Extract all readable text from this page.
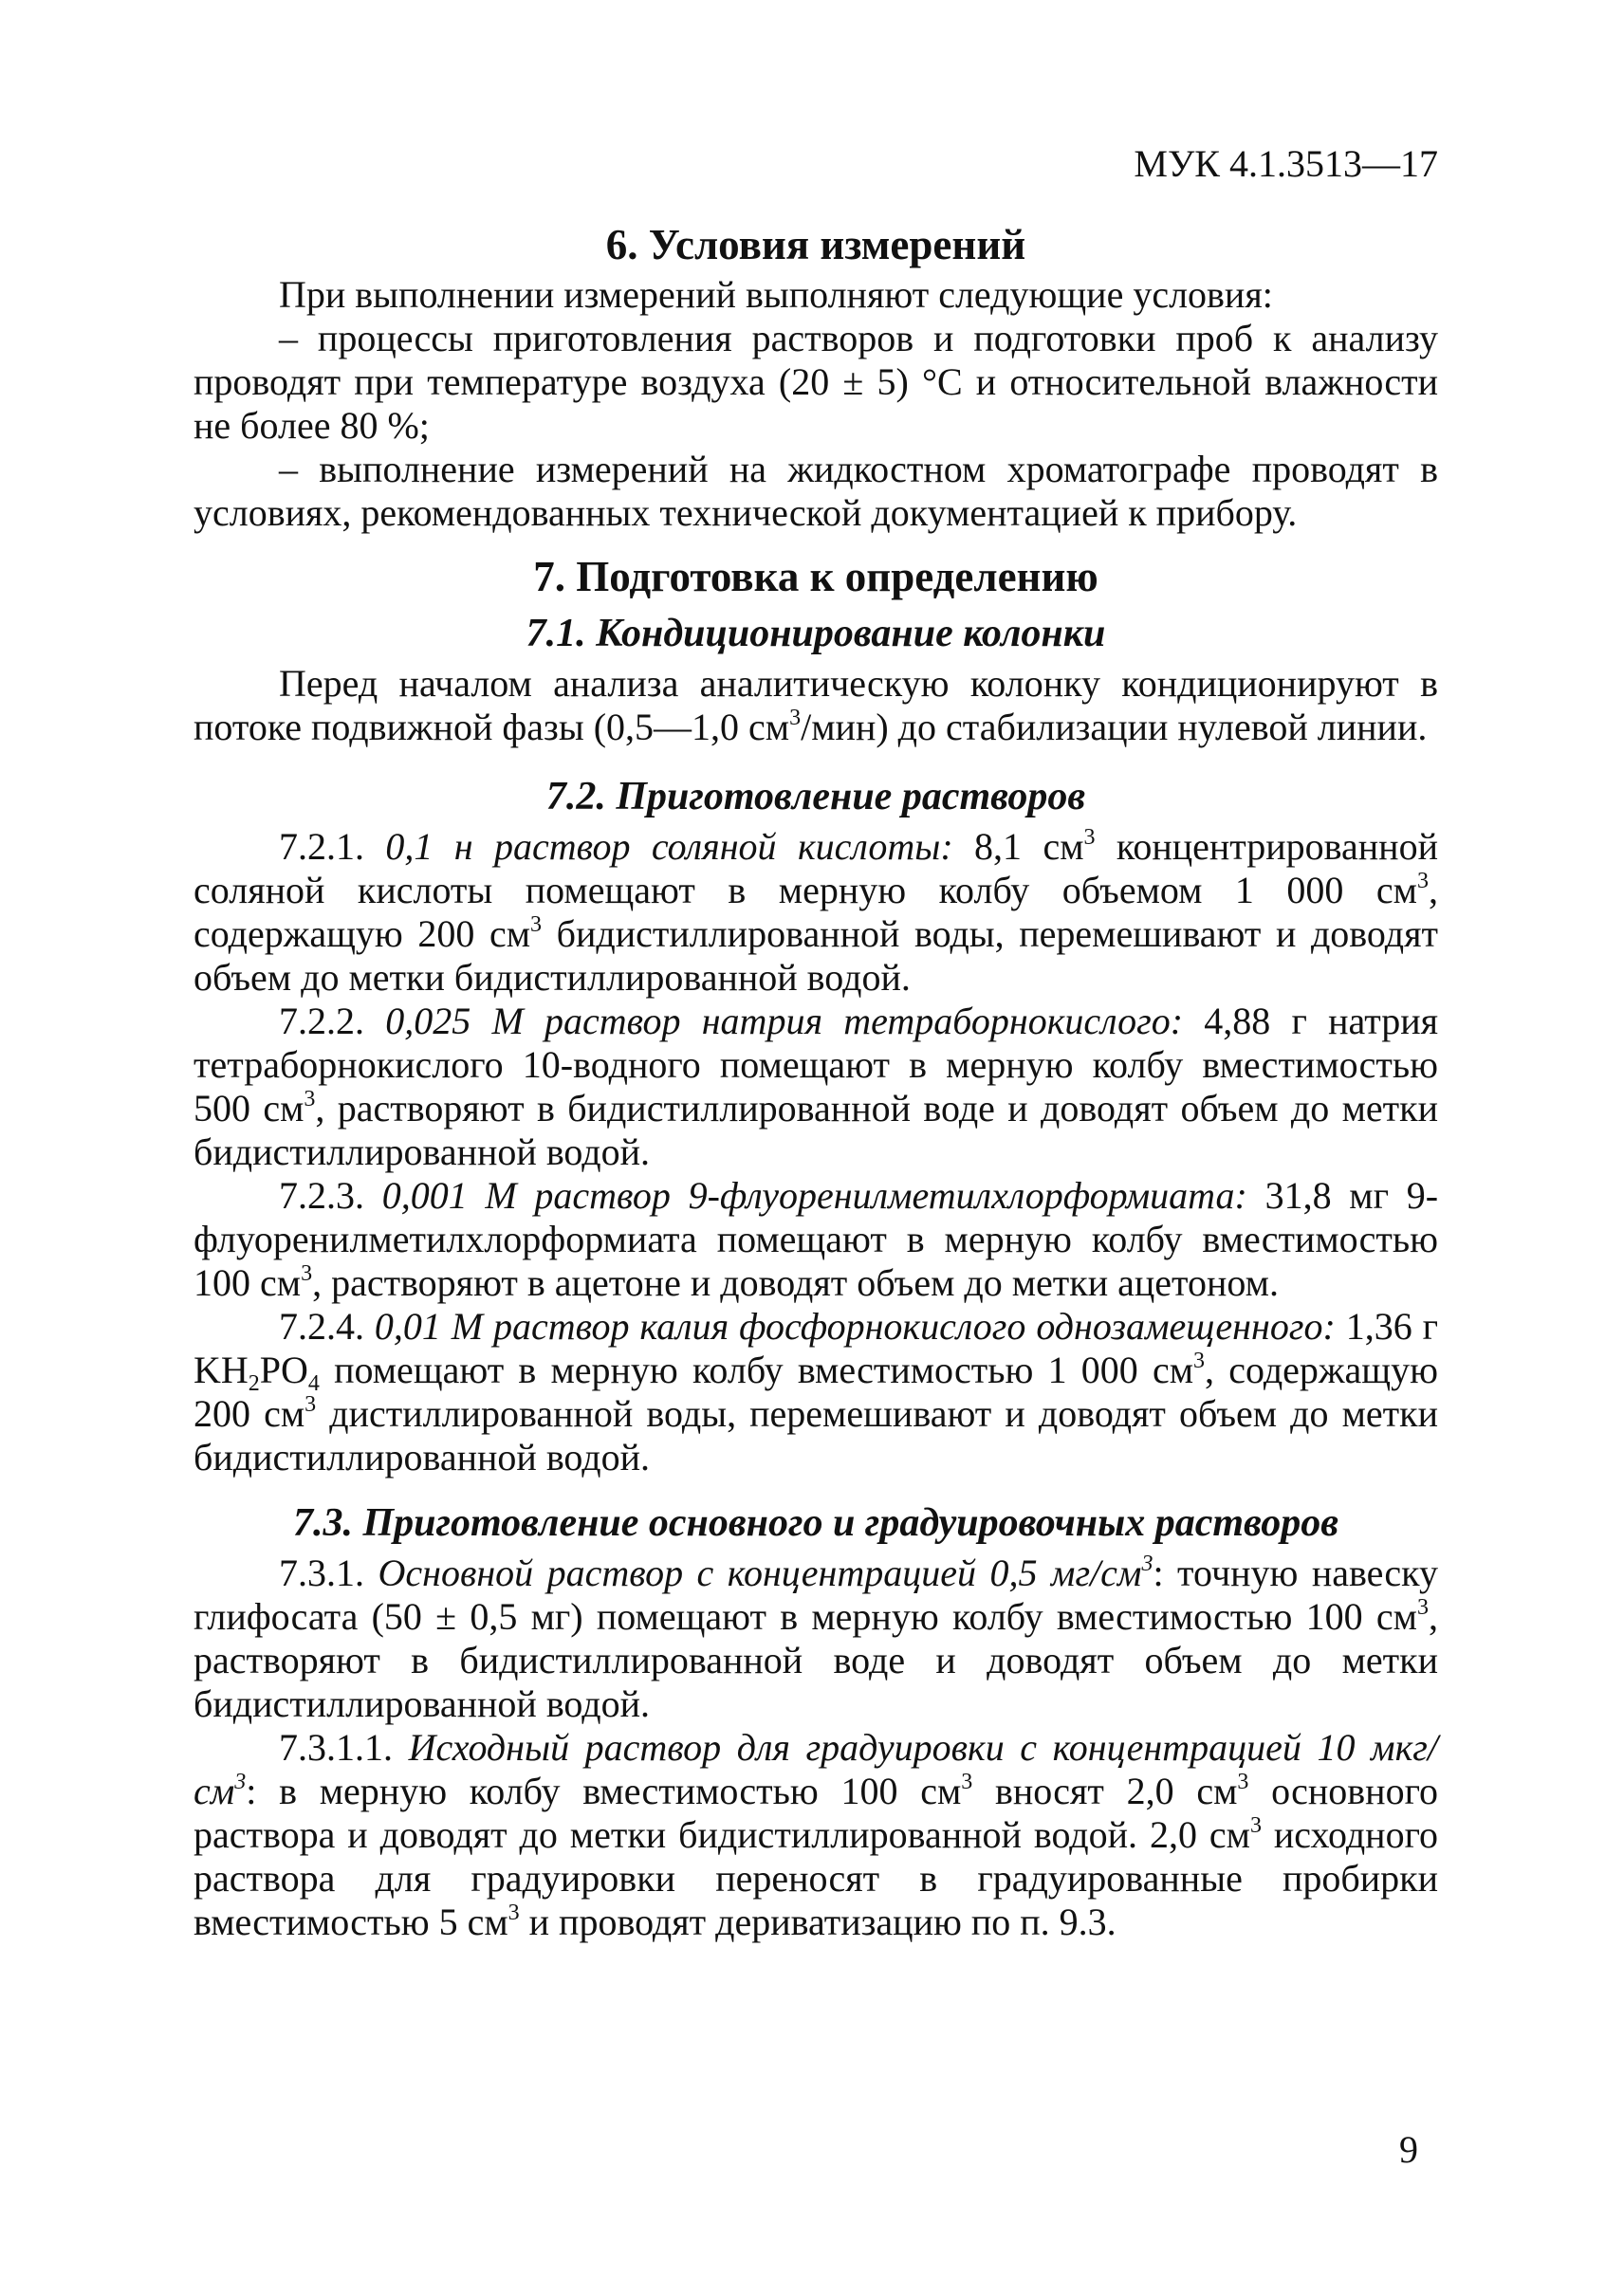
МУК 4.1.3513—17
6. Условия измерений

При выполнении измерений выполняют следующие условия:

– процессы приготовления растворов и подготовки проб к анализу проводят при температуре воздуха (20 ± 5) °С и относительной влажности не более 80 %;

– выполнение измерений на жидкостном хроматографе проводят в условиях, рекомендованных технической документацией к прибору.

7. Подготовка к определению
7.1. Кондиционирование колонки

Перед началом анализа аналитическую колонку кондиционируют в потоке подвижной фазы (0,5—1,0 $см^3/мин$) до стабилизации нулевой линии.

7.2. Приготовление растворов

7.2.1. 0,1 н раствор соляной кислоты: 8,1 $см^3$ концентрированной соляной кислоты помещают в мерную колбу объемом 1 000 $см^3$, содержащую 200 $см^3$ бидистиллированной воды, перемешивают и доводят объем до метки бидистиллированной водой.

7.2.2. 0,025 М раствор натрия тетраборнокислого: 4,88 г натрия тетраборнокислого 10-водного помещают в мерную колбу вместимостью 500 $см^3$, растворяют в бидистиллированной воде и доводят объем до метки бидистиллированной водой.

7.2.3. 0,001 М раствор 9-флуоренилметилхлорформиата: 31,8 мг 9-флуоренилметилхлорформиата помещают в мерную колбу вместимостью 100 $см^3$, растворяют в ацетоне и доводят объем до метки ацетоном.

7.2.4. 0,01 М раствор калия фосфорнокислого однозамещенного: 1,36 г $KH_2PO_4$ помещают в мерную колбу вместимостью 1 000 $см^3$, содержащую 200 $см^3$ дистиллированной воды, перемешивают и доводят объем до метки бидистиллированной водой.

7.3. Приготовление основного и градуировочных растворов

7.3.1. Основной раствор с концентрацией 0,5 $мг/см^3$: точную навеску глифосата (50 ± 0,5 мг) помещают в мерную колбу вместимостью 100 $см^3$, растворяют в бидистиллированной воде и доводят объем до метки бидистиллированной водой.

7.3.1.1. Исходный раствор для градуировки с концентрацией 10 мкг/$см^3$: в мерную колбу вместимостью 100 $см^3$ вносят 2,0 $см^3$ основного раствора и доводят до метки бидистиллированной водой. 2,0 $см^3$ исходного раствора для градуировки переносят в градуированные пробирки вместимостью 5 $см^3$ и проводят дериватизацию по п. 9.3.

9
